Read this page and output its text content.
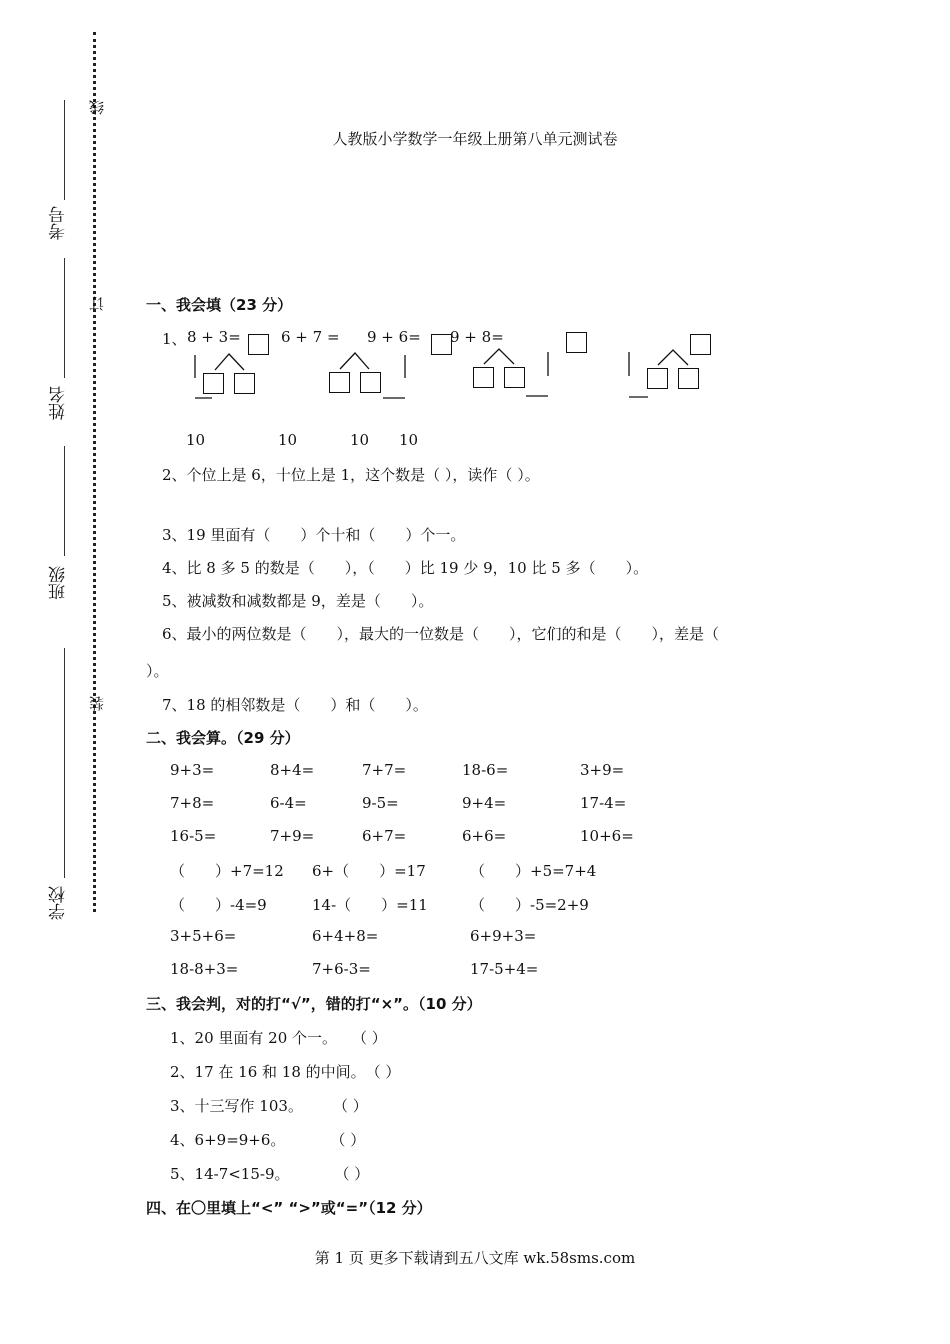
线
订
装
考号
姓名
班级
学校
人教版小学数学一年级上册第八单元测试卷
一、我会填（23 分）
1、 8 + 3=	6 + 7 = 9 + 6= 9 + 8=
10	10	10 10
2、个位上是 6，十位上是 1，这个数是（ ），读作（ ）。
3、19 里面有（　　）个十和（　　）个一。
4、比 8 多 5 的数是（　　），（　　）比 19 少 9，10 比 5 多（　　）。
5、被减数和减数都是 9，差是（　　）。
6、最小的两位数是（　　），最大的一位数是（　　），它们的和是（　　），差是（
）。
7、18 的相邻数是（　　）和（　　）。
二、我会算。（29 分）
9+3=	8+4=	7+7=	18-6=	3+9=
7+8=	6-4=	9-5=	9+4=	17-4=
16-5=	7+9=	6+7=	6+6=	10+6=
（　　）+7=12 6+（　　）=17	（　　）+5=7+4
（　　）-4=9	14-（　　）=11	（　　）-5=2+9
3+5+6=	6+4+8=	6+9+3=
18-8+3=	7+6-3=	17-5+4=
三、我会判，对的打“√”，错的打“×”。（10 分）
1、20 里面有 20 个一。　　（ ）
2、17 在 16 和 18 的中间。　（ ）
3、十三写作 103。　　　（ ）
4、6+9=9+6。　　　　（ ）
5、14-7<15-9。　　　　（ ）
四、在〇里填上“<” “>”或“=”（12 分）
第 1 页 更多下载请到五八文库 wk.58sms.com
